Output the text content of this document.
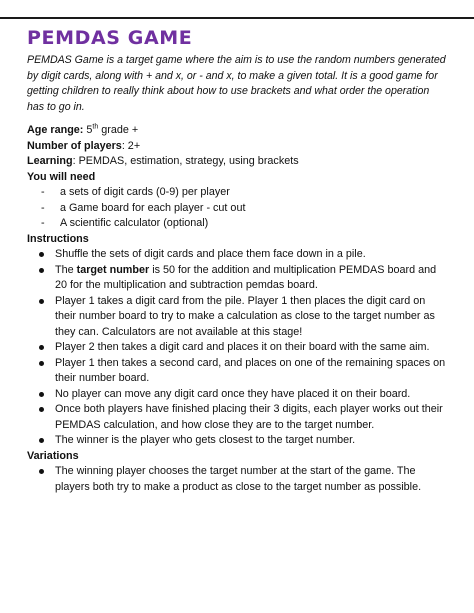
PEMDAS GAME

PEMDAS Game is a target game where the aim is to use the random numbers generated by digit cards, along with + and x, or - and x, to make a given total. It is a good game for getting children to really think about how to use brackets and what order the operation has to go in.

Age range: 5th grade +

Number of players: 2+

Learning: PEMDAS, estimation, strategy, using brackets

You will need

- a sets of digit cards (0-9) per player
- a Game board for each player - cut out
- A scientific calculator (optional)

Instructions

Shuffle the sets of digit cards and place them face down in a pile.
The target number is 50 for the addition and multiplication PEMDAS board and 20 for the multiplication and subtraction pemdas board.
Player 1 takes a digit card from the pile. Player 1 then places the digit card on their number board to try to make a calculation as close to the target number as they can. Calculators are not available at this stage!
Player 2 then takes a digit card and places it on their board with the same aim.
Player 1 then takes a second card, and places on one of the remaining spaces on their number board.
No player can move any digit card once they have placed it on their board.
Once both players have finished placing their 3 digits, each player works out their PEMDAS calculation, and how close they are to the target number.
The winner is the player who gets closest to the target number.

Variations

The winning player chooses the target number at the start of the game. The players both try to make a product as close to the target number as possible.
